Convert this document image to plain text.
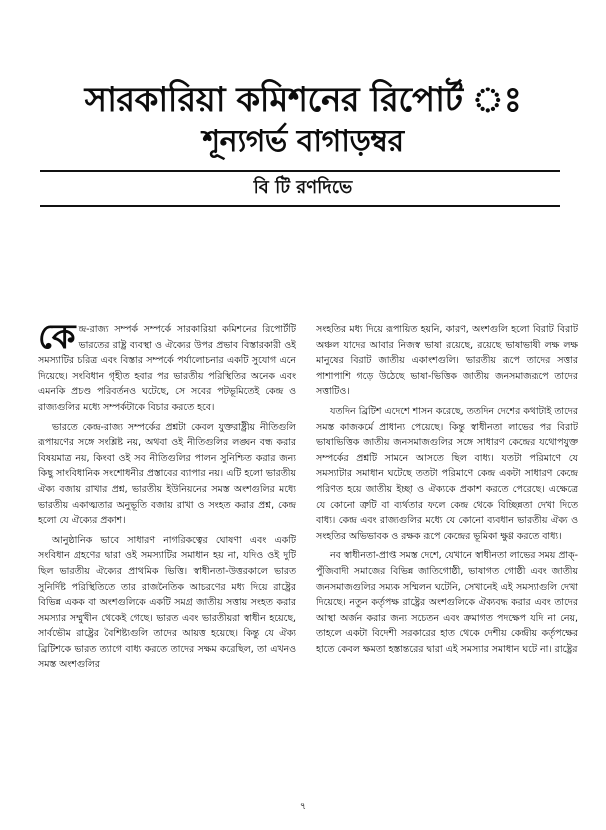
সারকারিয়া কমিশনের রিপোর্ট ঃ
শূন্যগর্ভ বাগাড়ম্বর
বি টি রণদিভে

কেন্দ্র-রাজ্য সম্পর্ক সম্পর্কে সারকারিয়া কমিশনের রিপোর্টটি ভারতের রাষ্ট্র ব্যবস্থা ও ঐক্যের উপর প্রভাব বিস্তারকারী ওই সমস্যাটির চরিত্র এবং বিস্তার সম্পর্কে পর্যালোচনার একটি সুযোগ এনে দিয়েছে। সংবিধান গৃহীত হবার পর ভারতীয় পরিস্থিতির অনেক এবং এমনকি প্রচণ্ড পরিবর্তনও ঘটেছে, সে সবের পটভূমিতেই কেন্দ্র ও রাজ্যগুলির মধ্যে সম্পর্কটাকে বিচার করতে হবে।

ভারতে কেন্দ্র-রাজ্য সম্পর্কের প্রশ্নটা কেবল যুক্তরাষ্ট্রীয় নীতিগুলি রূপায়ণের সঙ্গে সংশ্লিষ্ট নয়, অথবা ওই নীতিগুলির লঙ্ঘন বন্ধ করার বিষয়মাত্র নয়, কিংবা ওই সব নীতিগুলির পালন সুনিশ্চিত করার জন্য কিছু সাংবিধানিক সংশোধনীর প্রস্তাবের ব্যাপার নয়। এটি হলো ভারতীয় ঐক্য বজায় রাখার প্রশ্ন, ভারতীয় ইউনিয়নের সমস্ত অংশগুলির মধ্যে ভারতীয় একাত্মতার অনুভূতি বজায় রাখা ও সংহত করার প্রশ্ন, কেন্দ্র হলো যে ঐক্যের প্রকাশ।

আনুষ্ঠানিক ভাবে সাধারণ নাগরিকত্বের ঘোষণা এবং একটি সংবিধান গ্রহণের দ্বারা ওই সমস্যাটির সমাধান হয় না, যদিও ওই দুটি ছিল ভারতীয় ঐক্যের প্রাথমিক ভিত্তি। স্বাধীনতা-উত্তরকালে ভারত সুনির্দিষ্ট পরিস্থিতিতে তার রাজনৈতিক আচরণের মধ্য দিয়ে রাষ্ট্রের বিভিন্ন একক বা অংশগুলিকে একটি সমগ্র জাতীয় সত্তায় সংহত করার সমস্যার সম্মুখীন থেকেই গেছে। ভারত এবং ভারতীয়রা স্বাধীন হয়েছে, সার্বভৌম রাষ্ট্রের বৈশিষ্ট্যগুলি তাদের আয়ত্ত হয়েছে। কিন্তু যে ঐক্য ব্রিটিশকে ভারত ত্যাগে বাধ্য করতে তাদের সক্ষম করেছিল, তা এখনও সমস্ত অংশগুলির

সংহতির মধ্য দিয়ে রূপায়িত হয়নি, কারণ, অংশগুলি হলো বিরাট বিরাট অঞ্চল যাদের আবার নিজস্ব ভাষা রয়েছে, রয়েছে ভাষাভাষী লক্ষ লক্ষ মানুষের বিরাট জাতীয় একাংশগুলি। ভারতীয় রূপে তাদের সত্তার পাশাপাশি গড়ে উঠেছে ভাষা-ভিত্তিক জাতীয় জনসমাজরূপে তাদের সত্তাটিও।

যতদিন ব্রিটিশ এদেশে শাসন করেছে, ততদিন দেশের কথাটাই তাদের সমস্ত কাজকর্মে প্রাধান্য পেয়েছে। কিন্তু স্বাধীনতা লাভের পর বিরাট ভাষাভিত্তিক জাতীয় জনসমাজগুলির সঙ্গে সাধারণ কেন্দ্রের যথোপযুক্ত সম্পর্কের প্রশ্নটি সামনে আসতে ছিল বাধ্য। যতটা পরিমাণে যে সমস্যাটার সমাধান ঘটেছে ততটা পরিমাণে কেন্দ্র একটা সাধারণ কেন্দ্রে পরিণত হয়ে জাতীয় ইচ্ছা ও ঐক্যকে প্রকাশ করতে পেরেছে। এক্ষেত্রে যে কোনো ত্রুটি বা ব্যর্থতার ফলে কেন্দ্র থেকে বিচ্ছিন্নতা দেখা দিতে বাধ্য। কেন্দ্র এবং রাজ্যগুলির মধ্যে যে কোনো ব্যবধান ভারতীয় ঐক্য ও সংহতির অভিভাবক ও রক্ষক রূপে কেন্দ্রের ভূমিকা ক্ষুণ্ণ করতে বাধ্য।

নব স্বাধীনতা-প্রাপ্ত সমস্ত দেশে, যেখানে স্বাধীনতা লাভের সময় প্রাক্-পুঁজিবাদী সমাজের বিভিন্ন জাতিগোষ্ঠী, ভাষাগত গোষ্ঠী এবং জাতীয় জনসমাজগুলির সম্যক সম্মিলন ঘটেনি, সেখানেই এই সমস্যাগুলি দেখা দিয়েছে। নতুন কর্তৃপক্ষ রাষ্ট্রের অংশগুলিকে ঐক্যবদ্ধ করার এবং তাদের আস্থা অর্জন করার জন্য সচেতন এবং ক্রমাগত পদক্ষেপ যদি না নেয়, তাহলে একটা বিদেশী সরকারের হাত থেকে দেশীয় কেন্দ্রীয় কর্তৃপক্ষের হাতে কেবল ক্ষমতা হস্তান্তরের দ্বারা এই সমস্যার সমাধান ঘটে না। রাষ্ট্রের

৭
